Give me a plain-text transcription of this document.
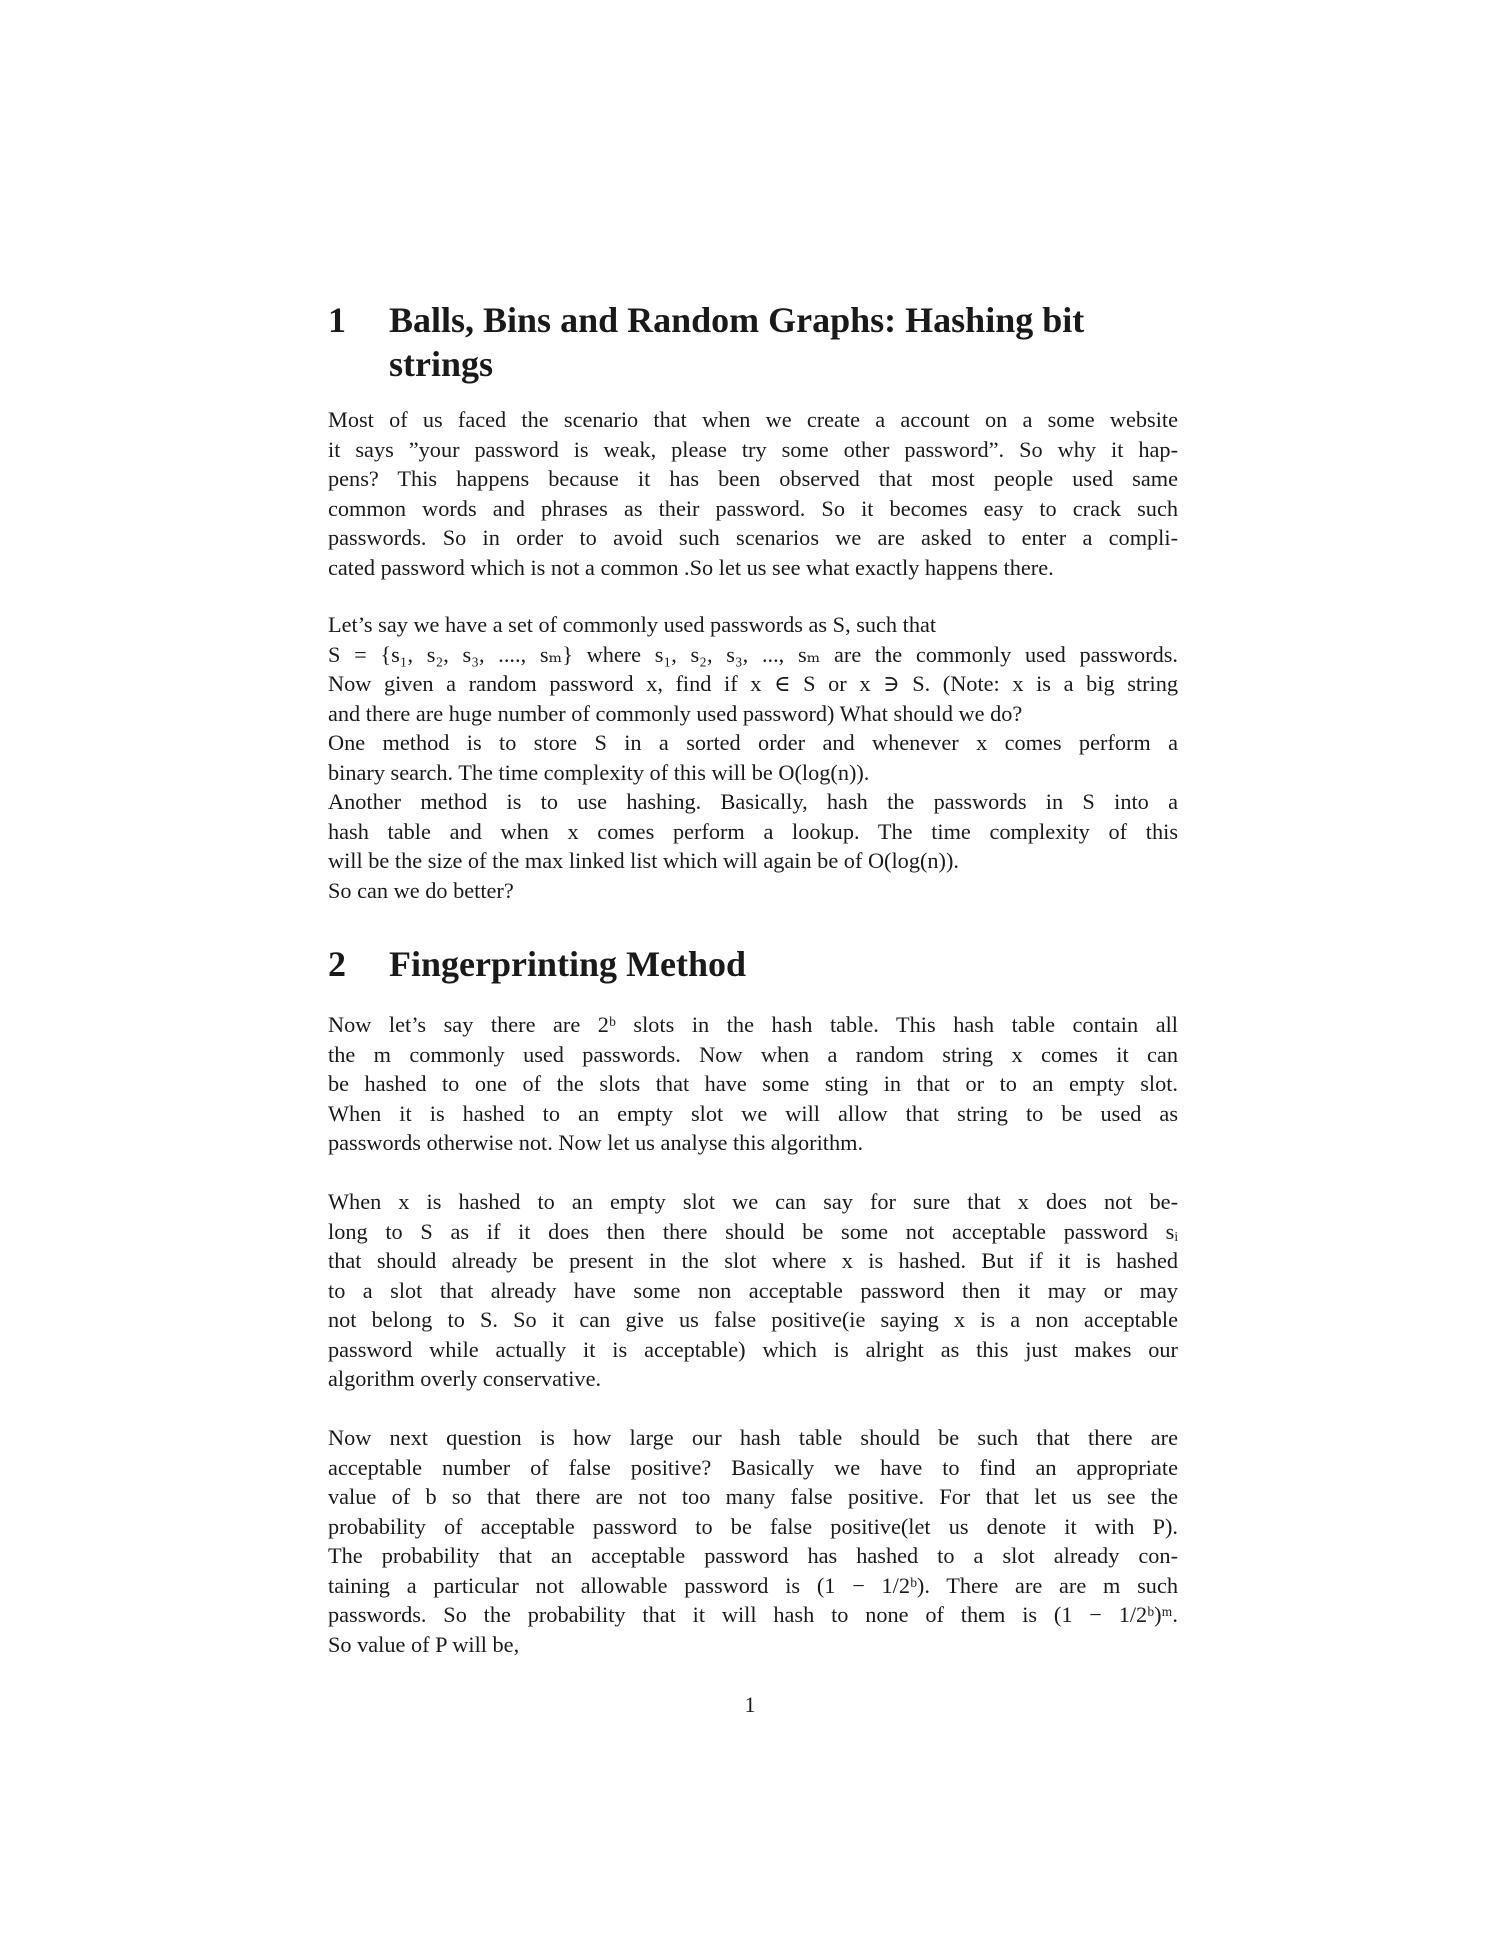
1 Balls, Bins and Random Graphs: Hashing bit
strings
Most of us faced the scenario that when we create a account on a some website
it says ”your password is weak, please try some other password”. So why it hap-
pens? This happens because it has been observed that most people used same
common words and phrases as their password. So it becomes easy to crack such
passwords. So in order to avoid such scenarios we are asked to enter a compli-
cated password which is not a common .So let us see what exactly happens there.
Let’s say we have a set of commonly used passwords as S, such that
S = {s₁, s₂, s₃, ...., sₘ} where s₁, s₂, s₃, ..., sₘ are the commonly used passwords.
Now given a random password x, find if x ∈ S or x ∋ S. (Note: x is a big string
and there are huge number of commonly used password) What should we do?
One method is to store S in a sorted order and whenever x comes perform a
binary search. The time complexity of this will be O(log(n)).
Another method is to use hashing. Basically, hash the passwords in S into a
hash table and when x comes perform a lookup. The time complexity of this
will be the size of the max linked list which will again be of O(log(n)).
So can we do better?
2 Fingerprinting Method
Now let’s say there are 2ᵇ slots in the hash table. This hash table contain all
the m commonly used passwords. Now when a random string x comes it can
be hashed to one of the slots that have some sting in that or to an empty slot.
When it is hashed to an empty slot we will allow that string to be used as
passwords otherwise not. Now let us analyse this algorithm.
When x is hashed to an empty slot we can say for sure that x does not be-
long to S as if it does then there should be some not acceptable password sᵢ
that should already be present in the slot where x is hashed. But if it is hashed
to a slot that already have some non acceptable password then it may or may
not belong to S. So it can give us false positive(ie saying x is a non acceptable
password while actually it is acceptable) which is alright as this just makes our
algorithm overly conservative.
Now next question is how large our hash table should be such that there are
acceptable number of false positive? Basically we have to find an appropriate
value of b so that there are not too many false positive. For that let us see the
probability of acceptable password to be false positive(let us denote it with P).
The probability that an acceptable password has hashed to a slot already con-
taining a particular not allowable password is (1 − 1/2ᵇ). There are are m such
passwords. So the probability that it will hash to none of them is (1 − 1/2ᵇ)ᵐ.
So value of P will be,
1
